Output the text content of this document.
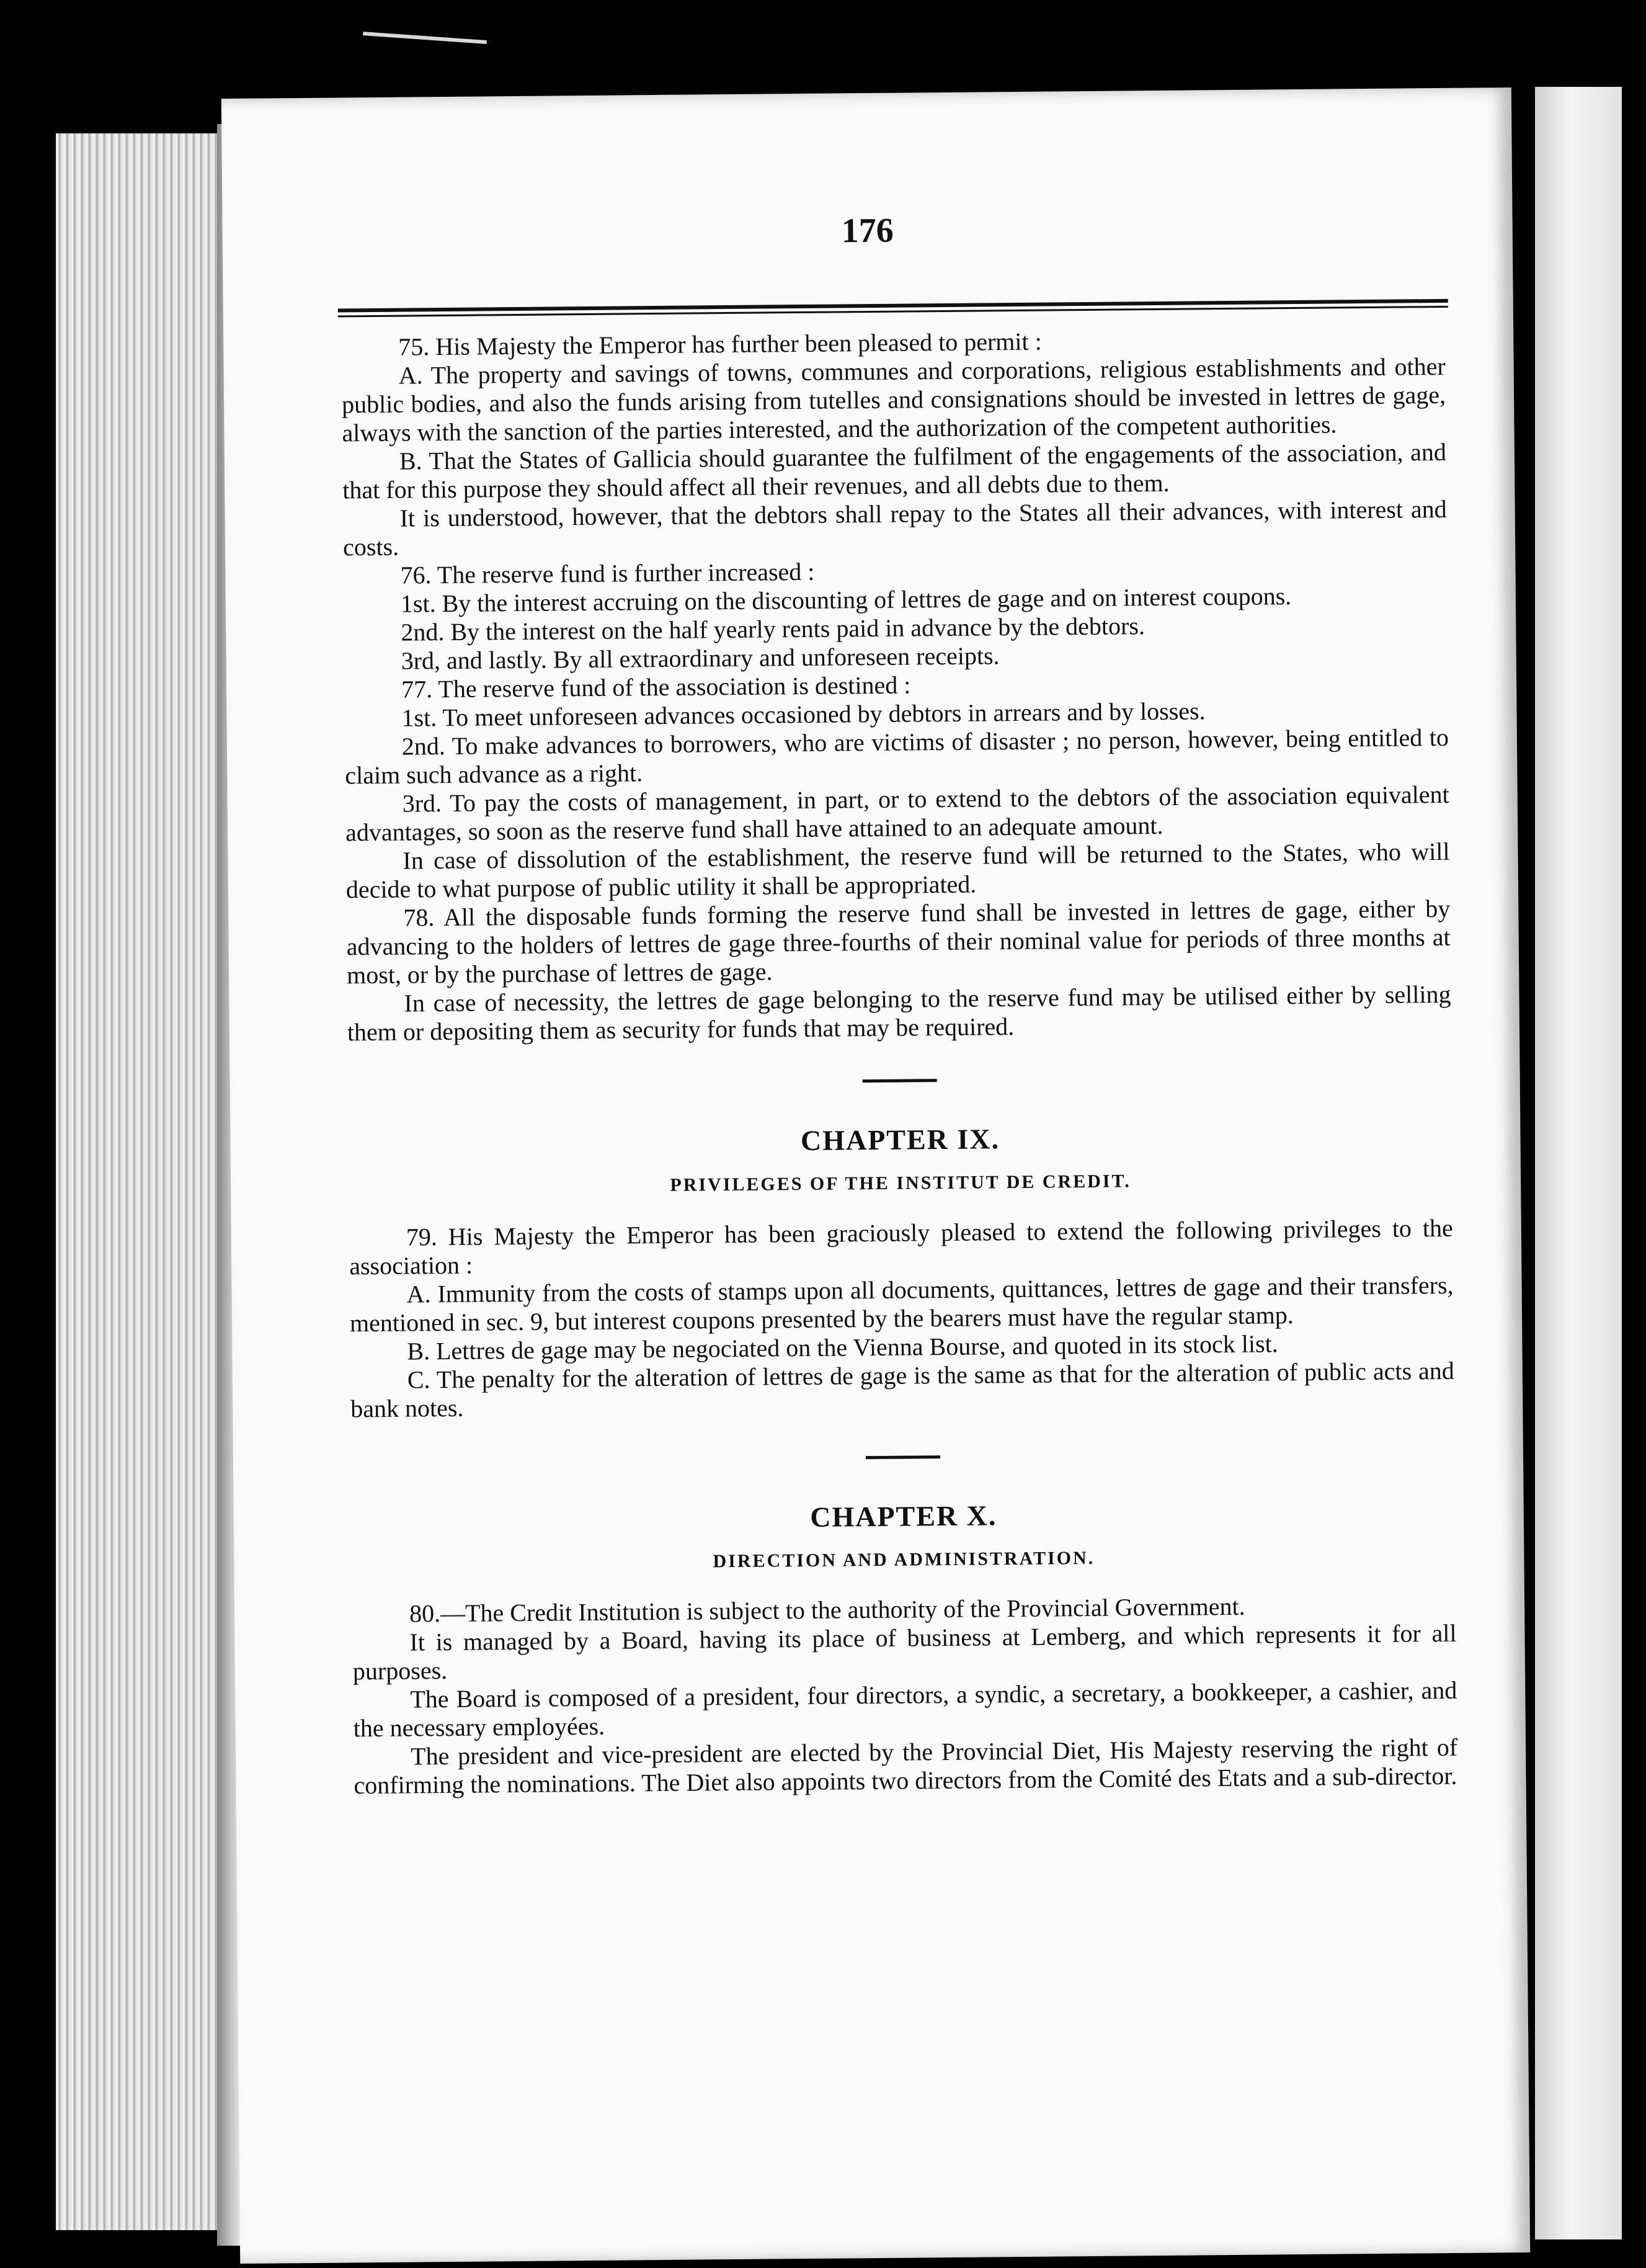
176

75. His Majesty the Emperor has further been pleased to permit :

A. The property and savings of towns, communes and corporations, religious establishments and other public bodies, and also the funds arising from tutelles and consignations should be invested in lettres de gage, always with the sanction of the parties interested, and the authorization of the competent authorities.

B. That the States of Gallicia should guarantee the fulfilment of the engagements of the association, and that for this purpose they should affect all their revenues, and all debts due to them.

It is understood, however, that the debtors shall repay to the States all their advances, with interest and costs.

76. The reserve fund is further increased :

1st. By the interest accruing on the discounting of lettres de gage and on interest coupons.

2nd. By the interest on the half yearly rents paid in advance by the debtors.

3rd, and lastly. By all extraordinary and unforeseen receipts.

77. The reserve fund of the association is destined :

1st. To meet unforeseen advances occasioned by debtors in arrears and by losses.

2nd. To make advances to borrowers, who are victims of disaster ; no person, however, being entitled to claim such advance as a right.

3rd. To pay the costs of management, in part, or to extend to the debtors of the association equivalent advantages, so soon as the reserve fund shall have attained to an adequate amount.

In case of dissolution of the establishment, the reserve fund will be returned to the States, who will decide to what purpose of public utility it shall be appropriated.

78. All the disposable funds forming the reserve fund shall be invested in lettres de gage, either by advancing to the holders of lettres de gage three-fourths of their nominal value for periods of three months at most, or by the purchase of lettres de gage.

In case of necessity, the lettres de gage belonging to the reserve fund may be utilised either by selling them or depositing them as security for funds that may be required.

CHAPTER IX.
PRIVILEGES OF THE INSTITUT DE CREDIT.

79. His Majesty the Emperor has been graciously pleased to extend the following privileges to the association :

A. Immunity from the costs of stamps upon all documents, quittances, lettres de gage and their transfers, mentioned in sec. 9, but interest coupons presented by the bearers must have the regular stamp.

B. Lettres de gage may be negociated on the Vienna Bourse, and quoted in its stock list.

C. The penalty for the alteration of lettres de gage is the same as that for the alteration of public acts and bank notes.

CHAPTER X.
DIRECTION AND ADMINISTRATION.

80.—The Credit Institution is subject to the authority of the Provincial Government.

It is managed by a Board, having its place of business at Lemberg, and which represents it for all purposes.

The Board is composed of a president, four directors, a syndic, a secretary, a bookkeeper, a cashier, and the necessary employées.

The president and vice-president are elected by the Provincial Diet, His Majesty reserving the right of confirming the nominations. The Diet also appoints two directors from the Comité des Etats and a sub-director.
